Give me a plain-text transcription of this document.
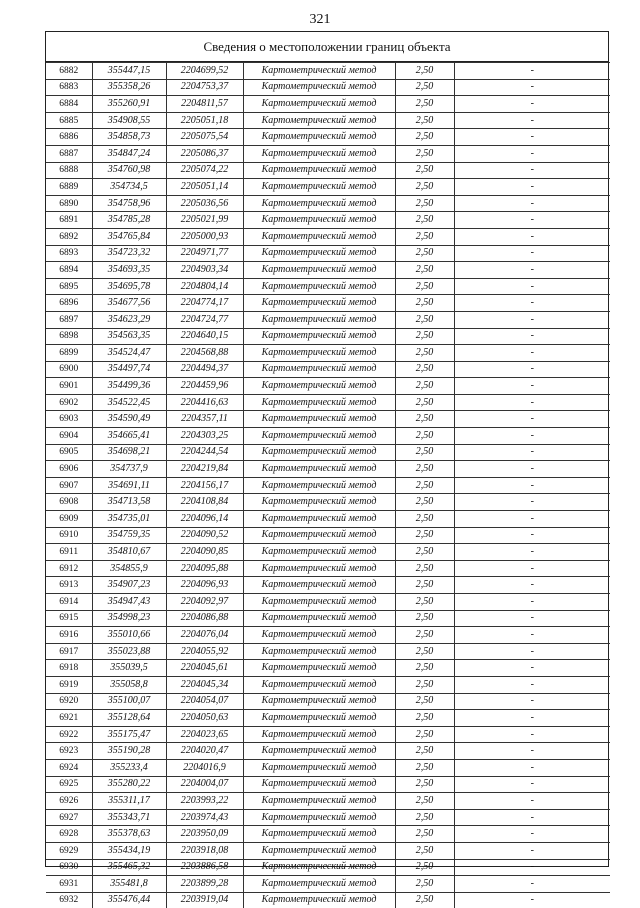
321
Сведения о местоположении границ объекта
6882	355447,15	2204699,52	Картометрический метод	2,50	-
6883	355358,26	2204753,37	Картометрический метод	2,50	-
6884	355260,91	2204811,57	Картометрический метод	2,50	-
6885	354908,55	2205051,18	Картометрический метод	2,50	-
6886	354858,73	2205075,54	Картометрический метод	2,50	-
6887	354847,24	2205086,37	Картометрический метод	2,50	-
6888	354760,98	2205074,22	Картометрический метод	2,50	-
6889	354734,5	2205051,14	Картометрический метод	2,50	-
6890	354758,96	2205036,56	Картометрический метод	2,50	-
6891	354785,28	2205021,99	Картометрический метод	2,50	-
6892	354765,84	2205000,93	Картометрический метод	2,50	-
6893	354723,32	2204971,77	Картометрический метод	2,50	-
6894	354693,35	2204903,34	Картометрический метод	2,50	-
6895	354695,78	2204804,14	Картометрический метод	2,50	-
6896	354677,56	2204774,17	Картометрический метод	2,50	-
6897	354623,29	2204724,77	Картометрический метод	2,50	-
6898	354563,35	2204640,15	Картометрический метод	2,50	-
6899	354524,47	2204568,88	Картометрический метод	2,50	-
6900	354497,74	2204494,37	Картометрический метод	2,50	-
6901	354499,36	2204459,96	Картометрический метод	2,50	-
6902	354522,45	2204416,63	Картометрический метод	2,50	-
6903	354590,49	2204357,11	Картометрический метод	2,50	-
6904	354665,41	2204303,25	Картометрический метод	2,50	-
6905	354698,21	2204244,54	Картометрический метод	2,50	-
6906	354737,9	2204219,84	Картометрический метод	2,50	-
6907	354691,11	2204156,17	Картометрический метод	2,50	-
6908	354713,58	2204108,84	Картометрический метод	2,50	-
6909	354735,01	2204096,14	Картометрический метод	2,50	-
6910	354759,35	2204090,52	Картометрический метод	2,50	-
6911	354810,67	2204090,85	Картометрический метод	2,50	-
6912	354855,9	2204095,88	Картометрический метод	2,50	-
6913	354907,23	2204096,93	Картометрический метод	2,50	-
6914	354947,43	2204092,97	Картометрический метод	2,50	-
6915	354998,23	2204086,88	Картометрический метод	2,50	-
6916	355010,66	2204076,04	Картометрический метод	2,50	-
6917	355023,88	2204055,92	Картометрический метод	2,50	-
6918	355039,5	2204045,61	Картометрический метод	2,50	-
6919	355058,8	2204045,34	Картометрический метод	2,50	-
6920	355100,07	2204054,07	Картометрический метод	2,50	-
6921	355128,64	2204050,63	Картометрический метод	2,50	-
6922	355175,47	2204023,65	Картометрический метод	2,50	-
6923	355190,28	2204020,47	Картометрический метод	2,50	-
6924	355233,4	2204016,9	Картометрический метод	2,50	-
6925	355280,22	2204004,07	Картометрический метод	2,50	-
6926	355311,17	2203993,22	Картометрический метод	2,50	-
6927	355343,71	2203974,43	Картометрический метод	2,50	-
6928	355378,63	2203950,09	Картометрический метод	2,50	-
6929	355434,19	2203918,08	Картометрический метод	2,50	-
6930	355465,32	2203886,58	Картометрический метод	2,50	-
6931	355481,8	2203899,28	Картометрический метод	2,50	-
6932	355476,44	2203919,04	Картометрический метод	2,50	-
